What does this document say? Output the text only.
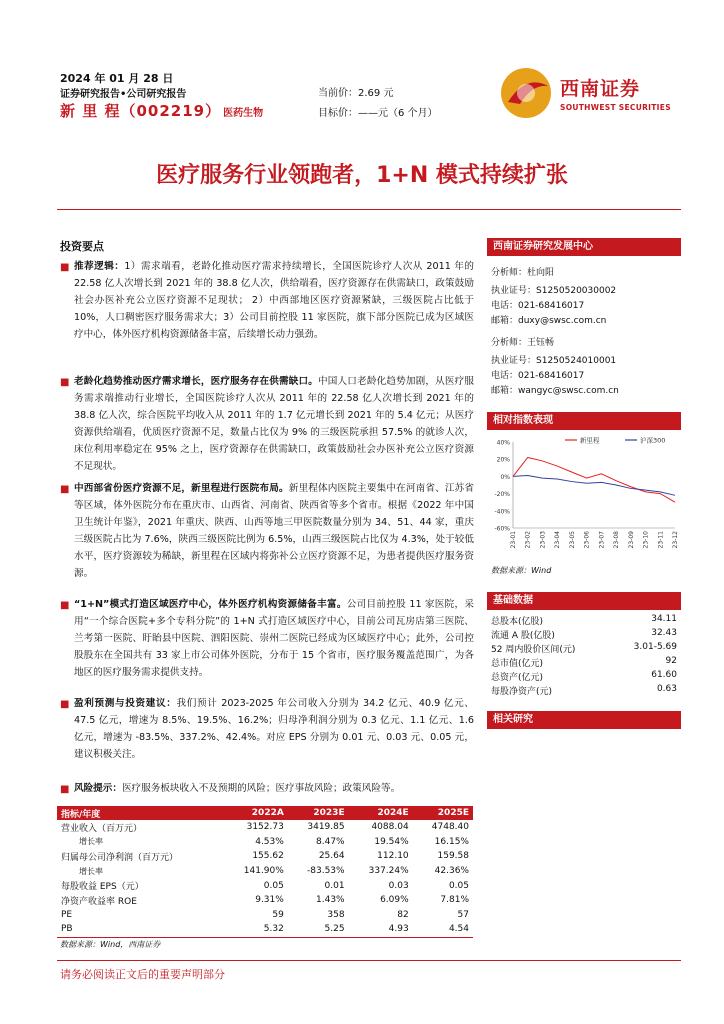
2024 年 01 月 28 日
证券研究报告•公司研究报告
新 里 程（002219） 医药生物
当前价：2.69 元
目标价：——元（6 个月）
西南证券
SOUTHWEST SECURITIES
医疗服务行业领跑者，1+N 模式持续扩张
投资要点
■ 推荐逻辑：1）需求端看，老龄化推动医疗需求持续增长，全国医院诊疗人次从 2011 年的 22.58 亿人次增长到 2021 年的 38.8 亿人次，供给端看，医疗资源存在供需缺口，政策鼓励社会办医补充公立医疗资源不足现状； 2）中西部地区医疗资源紧缺，三级医院占比低于 10%，人口稠密医疗服务需求大；3）公司目前控股 11 家医院，旗下部分医院已成为区域医疗中心，体外医疗机构资源储备丰富，后续增长动力强劲。
■ 老龄化趋势推动医疗需求增长，医疗服务存在供需缺口。中国人口老龄化趋势加剧，从医疗服务需求端推动行业增长，全国医院诊疗人次从 2011 年的 22.58 亿人次增长到 2021 年的 38.8 亿人次，综合医院平均收入从 2011 年的 1.7 亿元增长到 2021 年的 5.4 亿元；从医疗资源供给端看，优质医疗资源不足，数量占比仅为 9% 的三级医院承担 57.5% 的就诊人次，床位利用率稳定在 95% 之上，医疗资源存在供需缺口，政策鼓励社会办医补充公立医疗资源不足现状。
■ 中西部省份医疗资源不足，新里程进行医院布局。新里程体内医院主要集中在河南省、江苏省等区域，体外医院分布在重庆市、山西省、河南省、陕西省等多个省市。根据《2022 年中国卫生统计年鉴》，2021 年重庆、陕西、山西等地三甲医院数量分别为 34、51、44 家，重庆三级医院占比为 7.6%，陕西三级医院比例为 6.5%，山西三级医院占比仅为 4.3%，处于较低水平，医疗资源较为稀缺，新里程在区域内将弥补公立医疗资源不足，为患者提供医疗服务资源。
■ “1+N”模式打造区域医疗中心，体外医疗机构资源储备丰富。公司目前控股 11 家医院，采用“一个综合医院+多个专科分院”的 1+N 式打造区域医疗中心，目前公司瓦房店第三医院、兰考第一医院、盱眙县中医院、泗阳医院、崇州二医院已经成为区域医疗中心；此外，公司控股股东在全国共有 33 家上市公司体外医院，分布于 15 个省市，医疗服务覆盖范围广，为各地区的医疗服务需求提供支持。
■ 盈利预测与投资建议：我们预计 2023-2025 年公司收入分别为 34.2 亿元、40.9 亿元、47.5 亿元，增速为 8.5%、19.5%、16.2%；归母净利润分别为 0.3 亿元、1.1 亿元、1.6 亿元，增速为 -83.5%、337.2%、42.4%。对应 EPS 分别为 0.01 元、0.03 元、0.05 元，建议积极关注。
■ 风险提示：医疗服务板块收入不及预期的风险；医疗事故风险；政策风险等。
西南证券研究发展中心
分析师：杜向阳
执业证号：S1250520030002
电话：021-68416017
邮箱：duxy@swsc.com.cn
分析师：王钰畅
执业证号：S1250524010001
电话：021-68416017
邮箱：wangyc@swsc.com.cn
相对指数表现
40%
20%
0%
-20%
-40%
-60%
23-01 23-02 23-03 23-04 23-05 23-06 23-07 23-08 23-09 23-10 23-11 23-12
新里程	沪深300
数据来源：Wind
基础数据
总股本(亿股)	34.11
流通 A 股(亿股)	32.43
52 周内股价区间(元)	3.01-5.69
总市值(亿元)	92
总资产(亿元)	61.60
每股净资产(元)	0.63
相关研究
指标/年度	2022A	2023E	2024E	2025E
营业收入（百万元）	3152.73	3419.85	4088.04	4748.40
增长率	4.53%	8.47%	19.54%	16.15%
归属母公司净利润（百万元）	155.62	25.64	112.10	159.58
增长率	141.90%	-83.53%	337.24%	42.36%
每股收益 EPS（元）	0.05	0.01	0.03	0.05
净资产收益率 ROE	9.31%	1.43%	6.09%	7.81%
PE	59	358	82	57
PB	5.32	5.25	4.93	4.54
数据来源：Wind，西南证券
请务必阅读正文后的重要声明部分
